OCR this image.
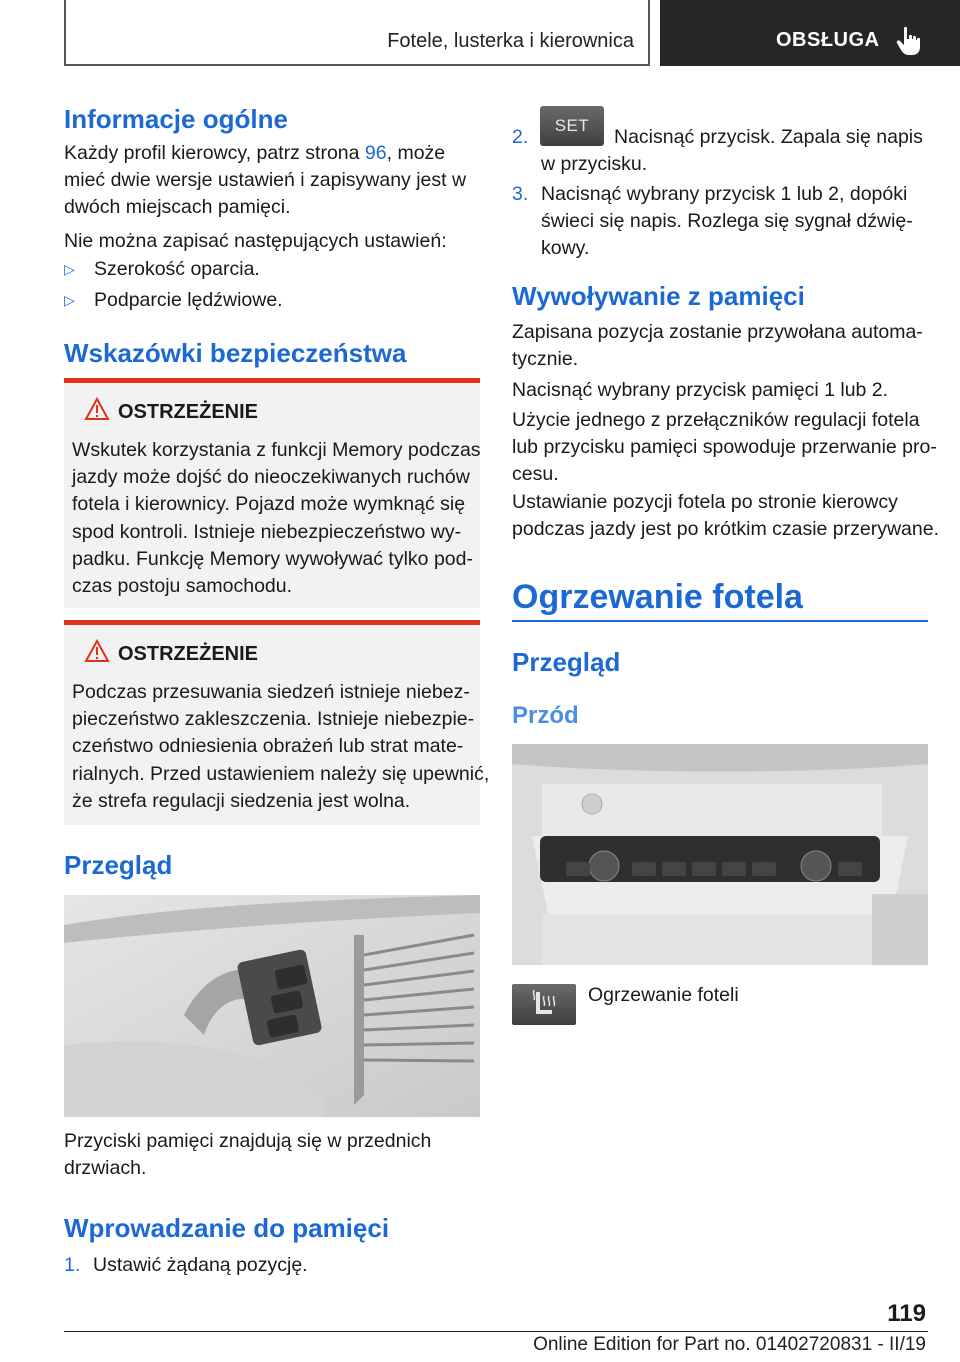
Fotele, lusterka i kierownica	OBSŁUGA
Informacje ogólne
Każdy profil kierowcy, patrz strona 96, może
mieć dwie wersje ustawień i zapisywany jest w
dwóch miejscach pamięci.
Nie można zapisać następujących ustawień:
▷ Szerokość oparcia.
▷ Podparcie lędźwiowe.
Wskazówki bezpieczeństwa
OSTRZEŻENIE
Wskutek korzystania z funkcji Memory podczas
jazdy może dojść do nieoczekiwanych ruchów
fotela i kierownicy. Pojazd może wymknąć się
spod kontroli. Istnieje niebezpieczeństwo wy-
padku. Funkcję Memory wywoływać tylko pod-
czas postoju samochodu.
OSTRZEŻENIE
Podczas przesuwania siedzeń istnieje niebez-
pieczeństwo zakleszczenia. Istnieje niebezpie-
czeństwo odniesienia obrażeń lub strat mate-
rialnych. Przed ustawieniem należy się upewnić,
że strefa regulacji siedzenia jest wolna.
Przegląd
Przyciski pamięci znajdują się w przednich
drzwiach.
Wprowadzanie do pamięci
1. Ustawić żądaną pozycję.
2.
SET
Nacisnąć przycisk. Zapala się napis
w przycisku.
3. Nacisnąć wybrany przycisk 1 lub 2, dopóki
świeci się napis. Rozlega się sygnał dźwię-
kowy.
Wywoływanie z pamięci
Zapisana pozycja zostanie przywołana automa-
tycznie.
Nacisnąć wybrany przycisk pamięci 1 lub 2.
Użycie jednego z przełączników regulacji fotela
lub przycisku pamięci spowoduje przerwanie pro-
cesu.
Ustawianie pozycji fotela po stronie kierowcy
podczas jazdy jest po krótkim czasie przerywane.
Ogrzewanie fotela
Przegląd
Przód
Ogrzewanie foteli
119
Online Edition for Part no. 01402720831 - II/19
